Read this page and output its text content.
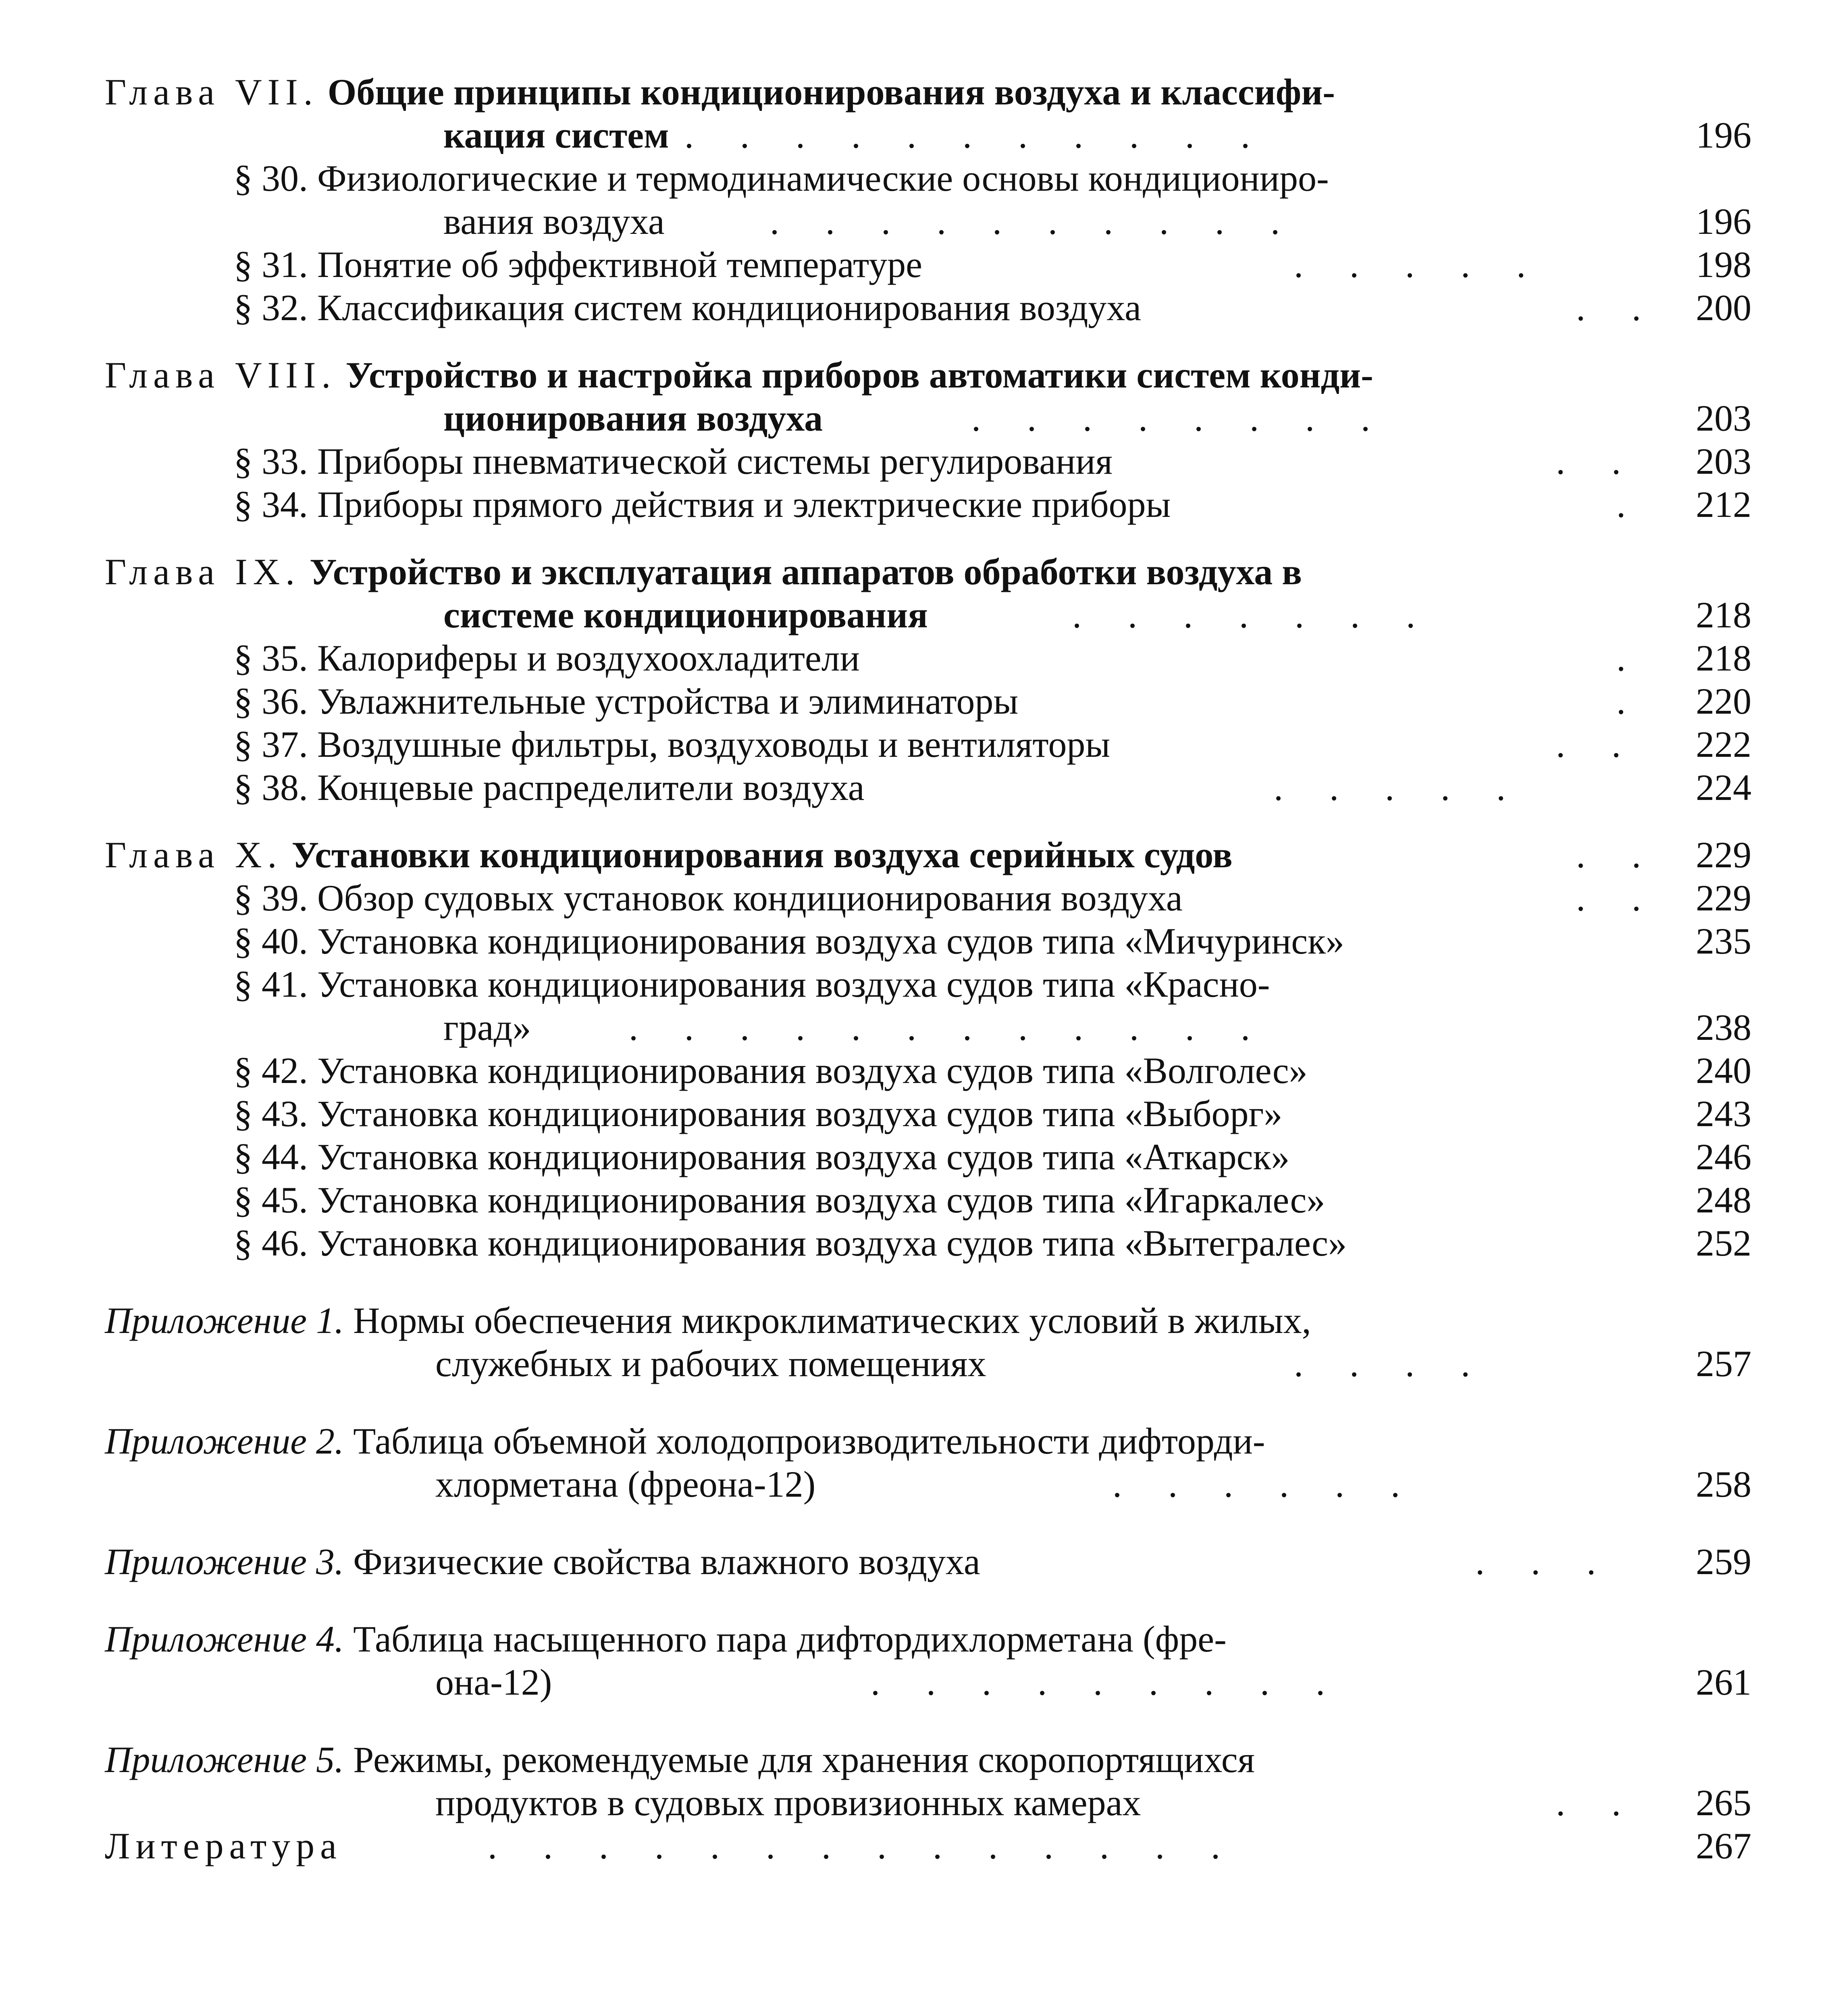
Глава VII. Общие принципы кондиционирования воздуха и классифи-
кация систем
.     .     .     .     .     .     .     .     .     .     .     .	196
§ 30. Физиологические и термодинамические основы кондициониро-
вания воздуха	.     .     .     .     .     .     .     .     .     .	196
§ 31. Понятие об эффективной температуре	.     .     .     .     .	198
§ 32. Классификация систем кондиционирования воздуха	.     . 200
Глава VIII. Устройство и настройка приборов автоматики систем конди-
ционирования воздуха	.     .     .     .     .     .     .     .	203
§ 33. Приборы пневматической системы регулирования	.     . 203
§ 34. Приборы прямого действия и электрические приборы	. 212
Глава IX. Устройство и эксплуатация аппаратов обработки воздуха в
системе кондиционирования	.     .     .     .     .     .     .	218
§ 35. Калориферы и воздухоохладители	. 218
§ 36. Увлажнительные устройства и элиминаторы	. 220
§ 37. Воздушные фильтры, воздуховоды и вентиляторы	.     . 222
§ 38. Концевые распределители воздуха	.     .     .     .     .	224
Глава X. Установки кондиционирования воздуха серийных судов	.     . 229
§ 39. Обзор судовых установок кондиционирования воздуха	.     . 229
§ 40. Установка кондиционирования воздуха судов типа «Мичуринск»	235
§ 41. Установка кондиционирования воздуха судов типа «Красно-
град»	.     .     .     .     .     .     .     .     .     .     .     .	238
§ 42. Установка кондиционирования воздуха судов типа «Волголес»	240
§ 43. Установка кондиционирования воздуха судов типа «Выборг»	243
§ 44. Установка кондиционирования воздуха судов типа «Аткарск»	246
§ 45. Установка кондиционирования воздуха судов типа «Игаркалес»	248
§ 46. Установка кондиционирования воздуха судов типа «Вытегралес»	252
Приложение 1. Нормы обеспечения микроклиматических условий в жилых,
служебных и рабочих помещениях	.     .     .     .	257
Приложение 2. Таблица объемной холодопроизводительности дифторди-
хлорметана (фреона-12)	.     .     .     .     .     .	258
Приложение 3. Физические свойства влажного воздуха	.     .     .	259
Приложение 4. Таблица насыщенного пара дифтордихлорметана (фре-
она-12)	.     .     .     .     .     .     .     .     .	261
Приложение 5. Режимы, рекомендуемые для хранения скоропортящихся
продуктов в судовых провизионных камерах	.     . 265
Литература	.     .     .     .     .     .     .     .     .     .     .     .     .     .	267
